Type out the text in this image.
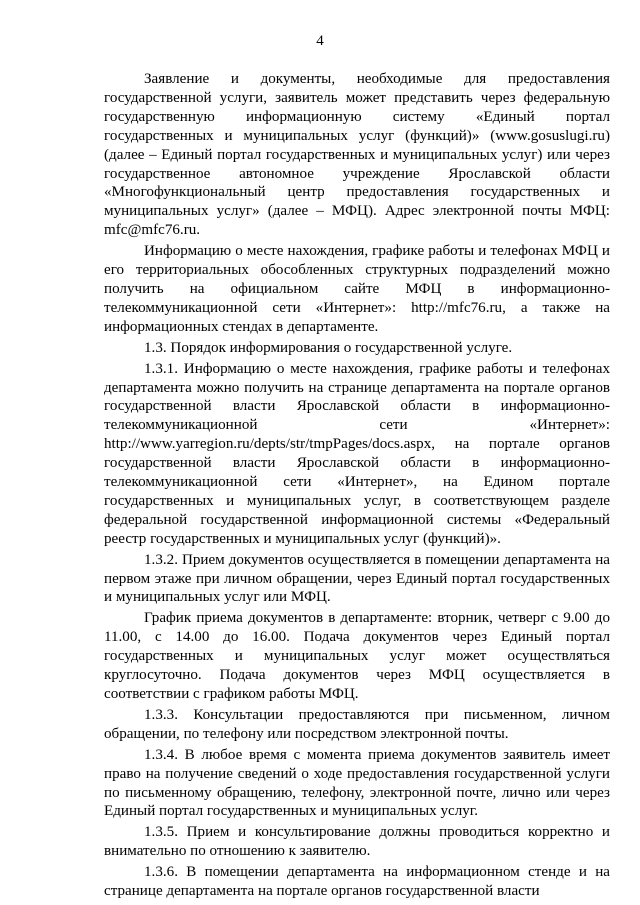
4

Заявление и документы, необходимые для предоставления государственной услуги, заявитель может представить через федеральную государственную информационную систему «Единый портал государственных и муниципальных услуг (функций)» (www.gosuslugi.ru) (далее – Единый портал государственных и муниципальных услуг) или через государственное автономное учреждение Ярославской области «Многофункциональный центр предоставления государственных и муниципальных услуг» (далее – МФЦ). Адрес электронной почты МФЦ: mfc@mfc76.ru.

Информацию о месте нахождения, графике работы и телефонах МФЦ и его территориальных обособленных структурных подразделений можно получить на официальном сайте МФЦ в информационно-телекоммуникационной сети «Интернет»: http://mfc76.ru, а также на информационных стендах в департаменте.

1.3. Порядок информирования о государственной услуге.

1.3.1. Информацию о месте нахождения, графике работы и телефонах департамента можно получить на странице департамента на портале органов государственной власти Ярославской области в информационно-телекоммуникационной сети «Интернет»: http://www.yarregion.ru/depts/str/tmpPages/docs.aspx, на портале органов государственной власти Ярославской области в информационно-телекоммуникационной сети «Интернет», на Едином портале государственных и муниципальных услуг, в соответствующем разделе федеральной государственной информационной системы «Федеральный реестр государственных и муниципальных услуг (функций)».

1.3.2. Прием документов осуществляется в помещении департамента на первом этаже при личном обращении, через Единый портал государственных и муниципальных услуг или МФЦ.

График приема документов в департаменте: вторник, четверг с 9.00 до 11.00, с 14.00 до 16.00. Подача документов через Единый портал государственных и муниципальных услуг может осуществляться круглосуточно. Подача документов через МФЦ осуществляется в соответствии с графиком работы МФЦ.

1.3.3. Консультации предоставляются при письменном, личном обращении, по телефону или посредством электронной почты.

1.3.4. В любое время с момента приема документов заявитель имеет право на получение сведений о ходе предоставления государственной услуги по письменному обращению, телефону, электронной почте, лично или через Единый портал государственных и муниципальных услуг.

1.3.5. Прием и консультирование должны проводиться корректно и внимательно по отношению к заявителю.

1.3.6. В помещении департамента на информационном стенде и на странице департамента на портале органов государственной власти
